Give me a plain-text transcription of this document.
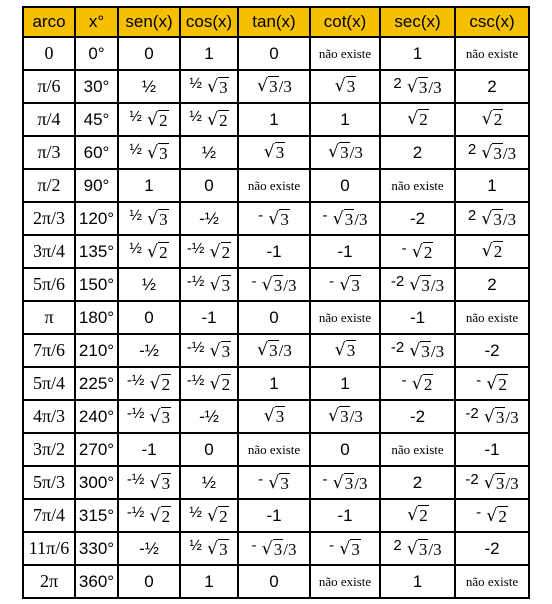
arco	x°	sen(x)	cos(x)	tan(x)	cot(x)	sec(x)	csc(x)
0	0°	0	1	0	não existe	1	não existe
π/6	30°	½	½ √ 3	√ 3/3	√ 3	2 √ 3/3	2
π/4	45°	½ √ 2	½ √ 2	1	1	√ 2	√ 2
π/3	60°	½ √ 3	½	√ 3	√ 3/3	2	2 √ 3/3
π/2	90°	1	0	não existe	0	não existe	1
2π/3	120°	½ √ 3	-½	- √ 3	- √ 3/3	-2	2 √ 3/3
3π/4	135°	½ √ 2	-½ √ 2	-1	-1	- √ 2	√ 2
5π/6	150°	½	-½ √ 3	- √ 3/3	- √ 3	-2 √ 3/3	2
π	180°	0	-1	0	não existe	-1	não existe
7π/6	210°	-½	-½ √ 3	√ 3/3	√ 3	-2 √ 3/3	-2
5π/4	225°	-½ √ 2	-½ √ 2	1	1	- √ 2	- √ 2
4π/3	240°	-½ √ 3	-½	√ 3	√ 3/3	-2	-2 √ 3/3
3π/2	270°	-1	0	não existe	0	não existe	-1
5π/3	300°	-½ √ 3	½	- √ 3	- √ 3/3	2	-2 √ 3/3
7π/4	315°	-½ √ 2	½ √ 2	-1	-1	√ 2	- √ 2
11π/6	330°	-½	½ √ 3	- √ 3/3	- √ 3	2 √ 3/3	-2
2π	360°	0	1	0	não existe	1	não existe
